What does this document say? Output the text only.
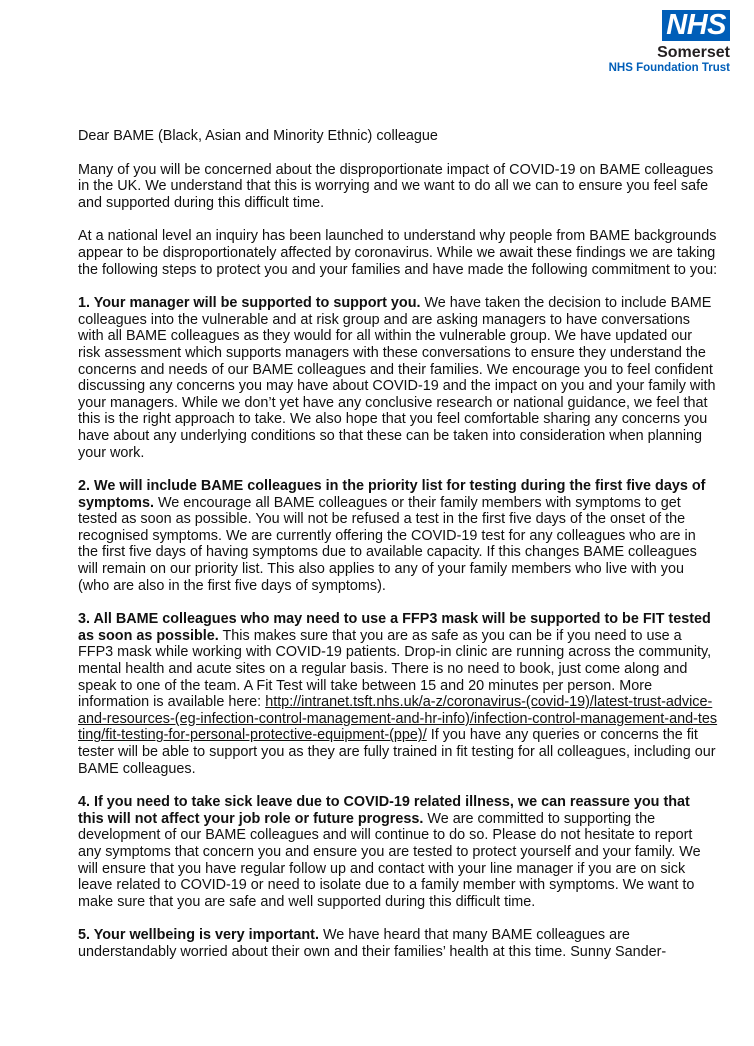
NHS
Somerset
NHS Foundation Trust

Dear BAME (Black, Asian and Minority Ethnic) colleague

Many of you will be concerned about the disproportionate impact of COVID-19 on BAME colleagues in the UK. We understand that this is worrying and we want to do all we can to ensure you feel safe and supported during this difficult time.

At a national level an inquiry has been launched to understand why people from BAME backgrounds appear to be disproportionately affected by coronavirus. While we await these findings we are taking the following steps to protect you and your families and have made the following commitment to you:

1. Your manager will be supported to support you. We have taken the decision to include BAME colleagues into the vulnerable and at risk group and are asking managers to have conversations with all BAME colleagues as they would for all within the vulnerable group. We have updated our risk assessment which supports managers with these conversations to ensure they understand the concerns and needs of our BAME colleagues and their families. We encourage you to feel confident discussing any concerns you may have about COVID-19 and the impact on you and your family with your managers. While we don’t yet have any conclusive research or national guidance, we feel that this is the right approach to take. We also hope that you feel comfortable sharing any concerns you have about any underlying conditions so that these can be taken into consideration when planning your work.

2. We will include BAME colleagues in the priority list for testing during the first five days of symptoms. We encourage all BAME colleagues or their family members with symptoms to get tested as soon as possible. You will not be refused a test in the first five days of the onset of the recognised symptoms. We are currently offering the COVID-19 test for any colleagues who are in the first five days of having symptoms due to available capacity. If this changes BAME colleagues will remain on our priority list. This also applies to any of your family members who live with you (who are also in the first five days of symptoms).

3. All BAME colleagues who may need to use a FFP3 mask will be supported to be FIT tested as soon as possible. This makes sure that you are as safe as you can be if you need to use a FFP3 mask while working with COVID-19 patients. Drop-in clinic are running across the community, mental health and acute sites on a regular basis. There is no need to book, just come along and speak to one of the team. A Fit Test will take between 15 and 20 minutes per person. More information is available here: http://intranet.tsft.nhs.uk/a-z/coronavirus-(covid-19)/latest-trust-advice-and-resources-(eg-infection-control-management-and-hr-info)/infection-control-management-and-testing/fit-testing-for-personal-protective-equipment-(ppe)/ If you have any queries or concerns the fit tester will be able to support you as they are fully trained in fit testing for all colleagues, including our BAME colleagues.

4. If you need to take sick leave due to COVID-19 related illness, we can reassure you that this will not affect your job role or future progress. We are committed to supporting the development of our BAME colleagues and will continue to do so. Please do not hesitate to report any symptoms that concern you and ensure you are tested to protect yourself and your family. We will ensure that you have regular follow up and contact with your line manager if you are on sick leave related to COVID-19 or need to isolate due to a family member with symptoms. We want to make sure that you are safe and well supported during this difficult time.

5. Your wellbeing is very important. We have heard that many BAME colleagues are understandably worried about their own and their families’ health at this time. Sunny Sander-
